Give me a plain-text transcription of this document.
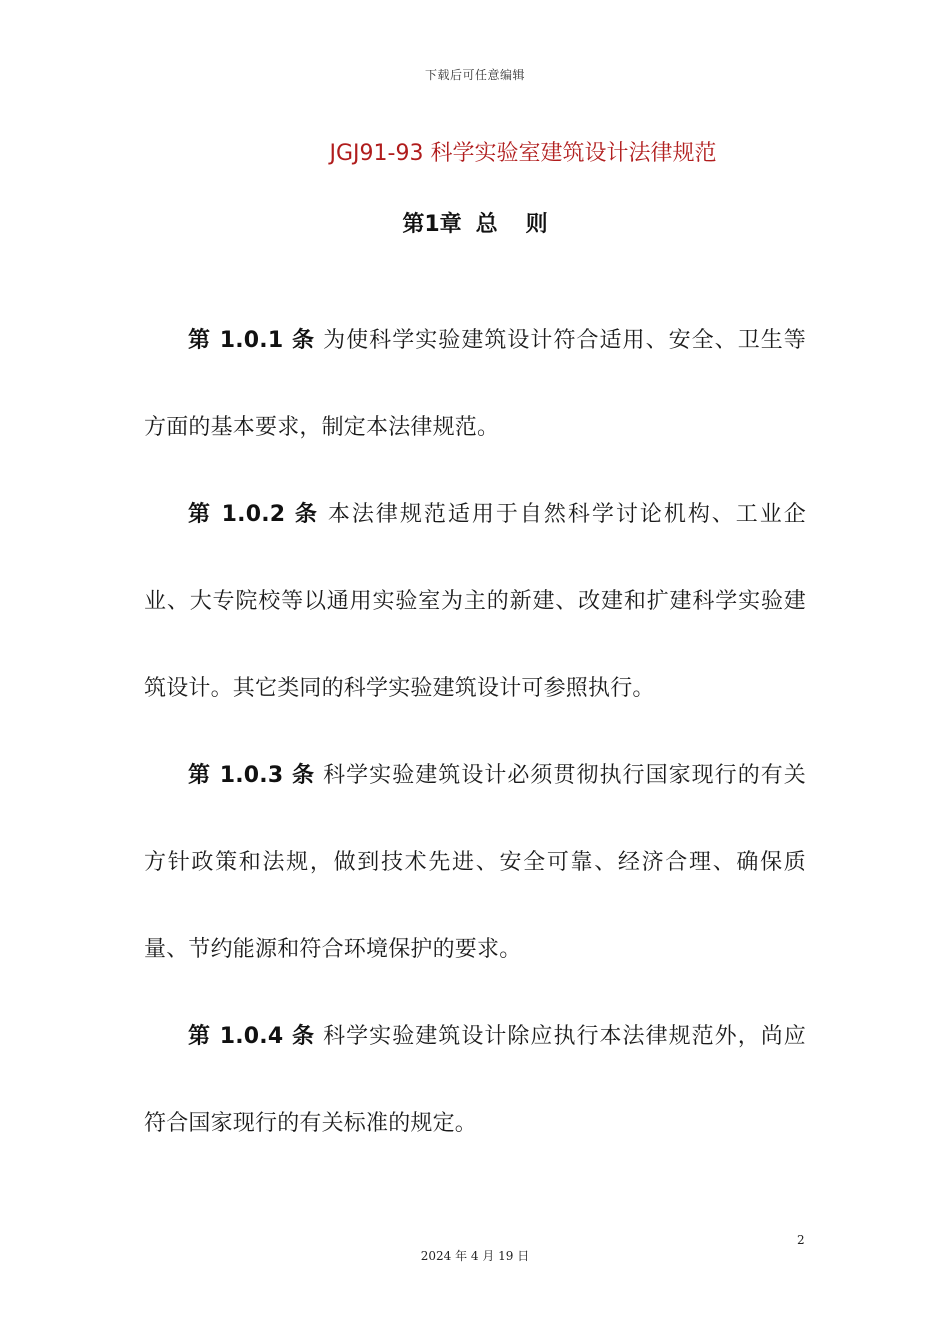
下载后可任意编辑
JGJ91-93 科学实验室建筑设计法律规范
第1章 总 则

第 1.0.1 条 为使科学实验建筑设计符合适用、安全、卫生等方面的基本要求，制定本法律规范。

第 1.0.2 条 本法律规范适用于自然科学讨论机构、工业企业、大专院校等以通用实验室为主的新建、改建和扩建科学实验建筑设计。其它类同的科学实验建筑设计可参照执行。

第 1.0.3 条 科学实验建筑设计必须贯彻执行国家现行的有关方针政策和法规，做到技术先进、安全可靠、经济合理、确保质量、节约能源和符合环境保护的要求。

第 1.0.4 条 科学实验建筑设计除应执行本法律规范外，尚应符合国家现行的有关标准的规定。

2
2024 年 4 月 19 日
